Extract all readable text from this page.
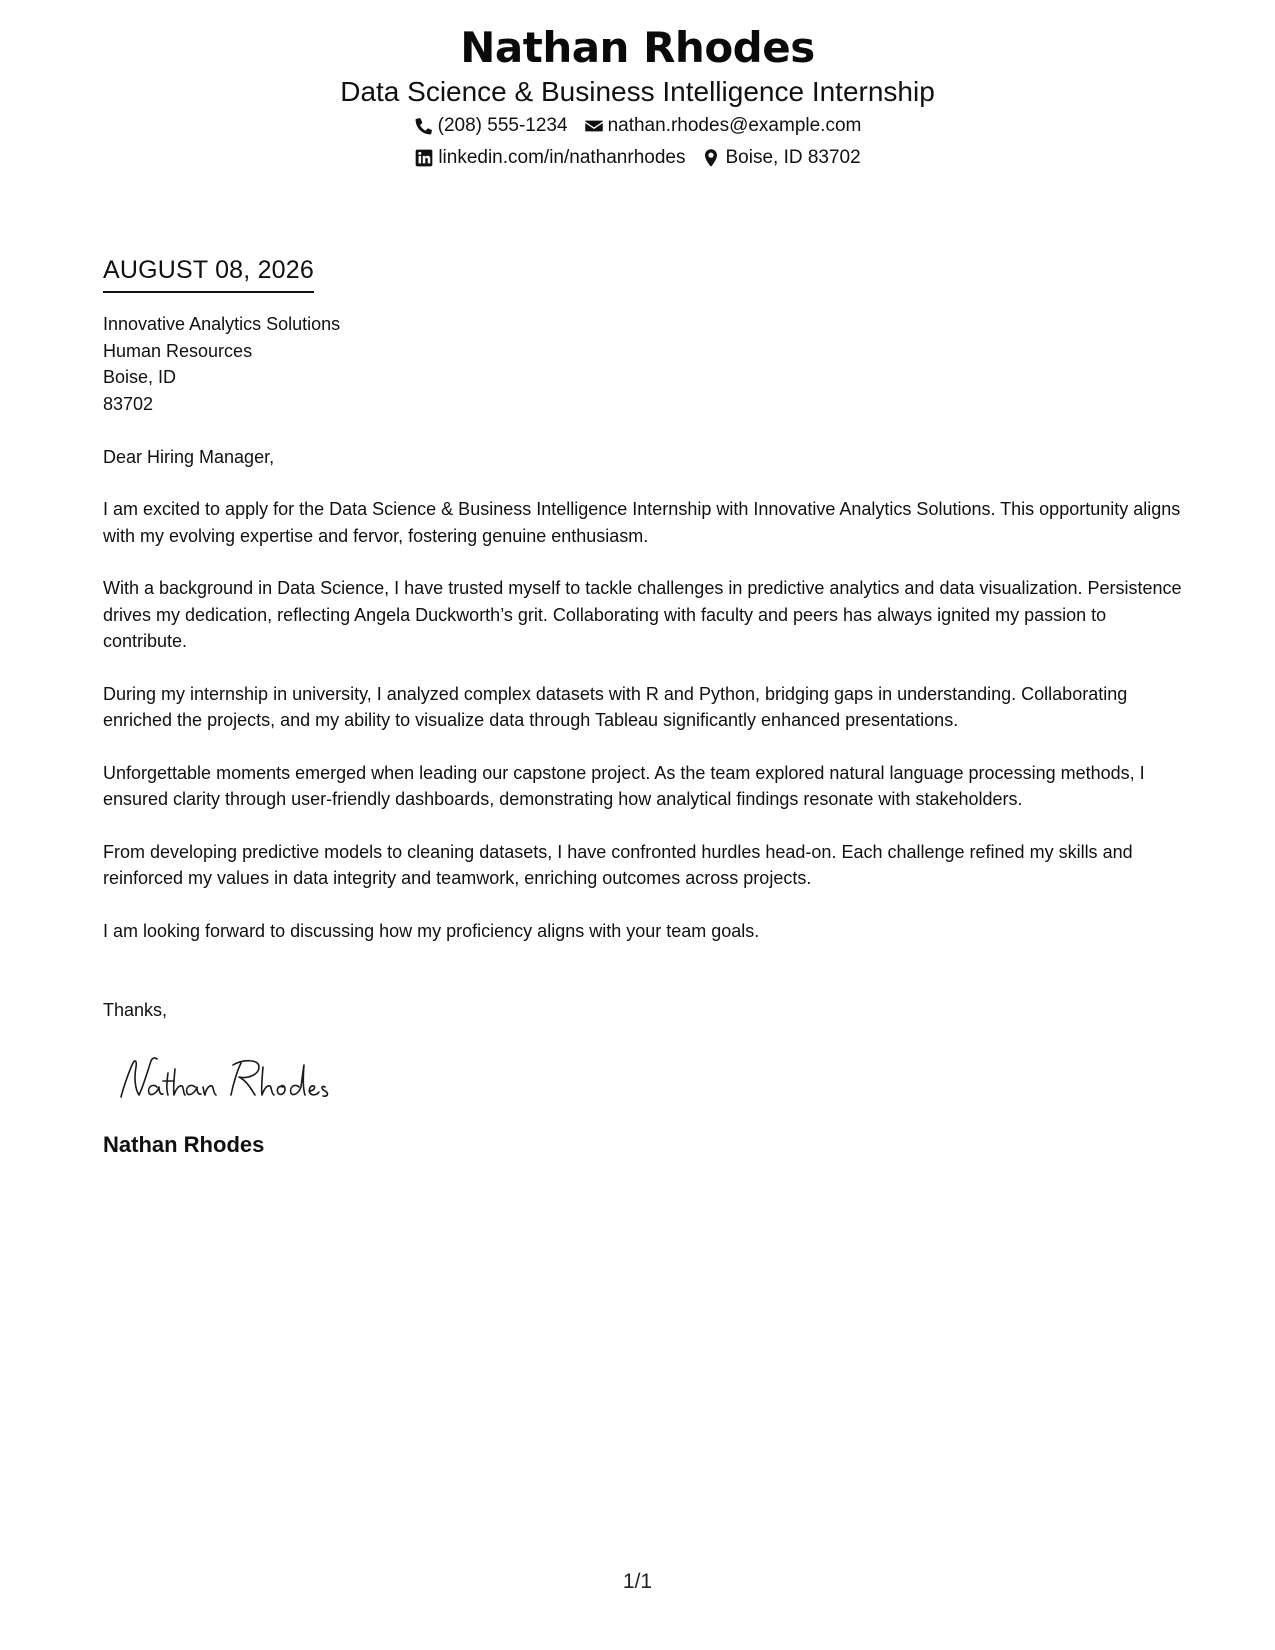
Nathan Rhodes
Data Science & Business Intelligence Internship
(208) 555-1234 nathan.rhodes@example.com
linkedin.com/in/nathanrhodes Boise, ID 83702
AUGUST 08, 2026
Innovative Analytics Solutions
Human Resources
Boise, ID
83702
Dear Hiring Manager,
I am excited to apply for the Data Science & Business Intelligence Internship with Innovative Analytics Solutions. This opportunity aligns with my evolving expertise and fervor, fostering genuine enthusiasm.
With a background in Data Science, I have trusted myself to tackle challenges in predictive analytics and data visualization. Persistence drives my dedication, reflecting Angela Duckworth’s grit. Collaborating with faculty and peers has always ignited my passion to contribute.
During my internship in university, I analyzed complex datasets with R and Python, bridging gaps in understanding. Collaborating enriched the projects, and my ability to visualize data through Tableau significantly enhanced presentations.
Unforgettable moments emerged when leading our capstone project. As the team explored natural language processing methods, I ensured clarity through user-friendly dashboards, demonstrating how analytical findings resonate with stakeholders.
From developing predictive models to cleaning datasets, I have confronted hurdles head-on. Each challenge refined my skills and reinforced my values in data integrity and teamwork, enriching outcomes across projects.
I am looking forward to discussing how my proficiency aligns with your team goals.
Thanks,
Nathan Rhodes
1/1
